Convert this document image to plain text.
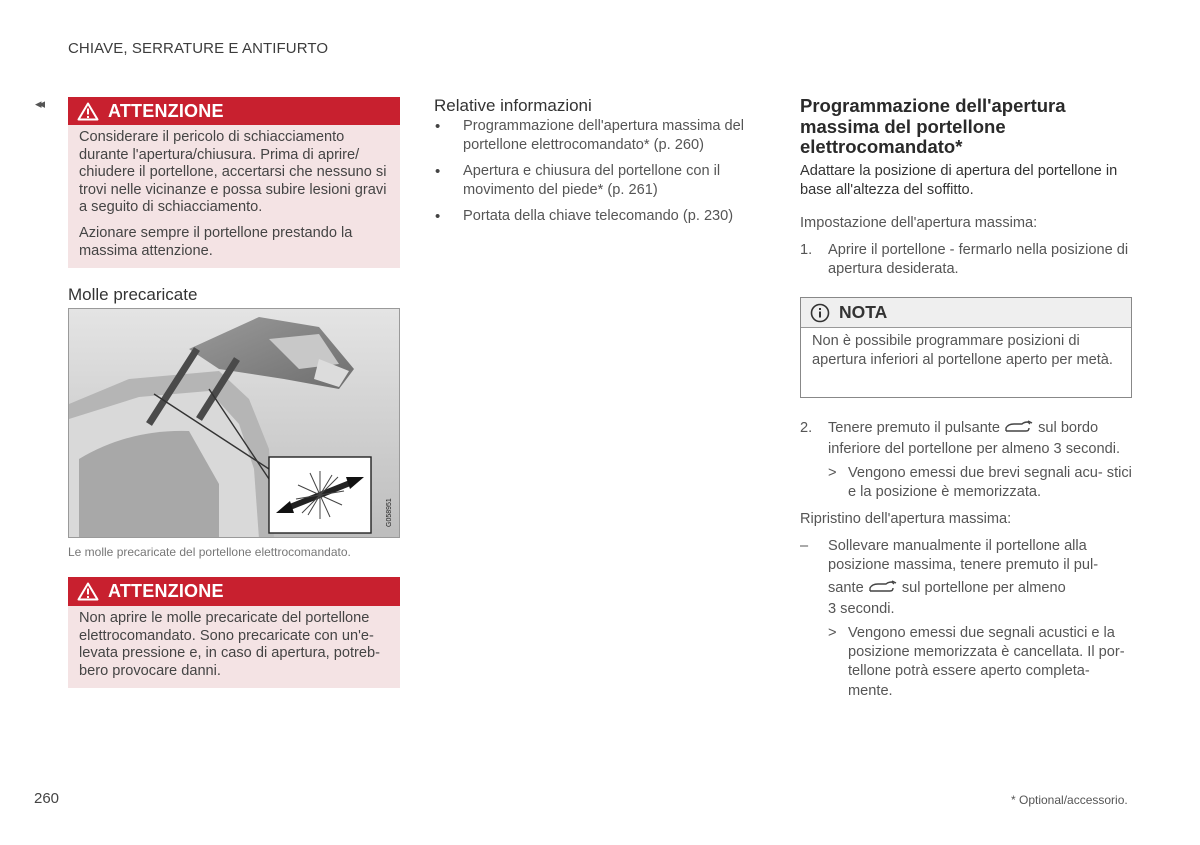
CHIAVE, SERRATURE E ANTIFURTO
◂◂	ATTENZIONE

Considerare il pericolo di schiacciamento durante l'apertura/chiusura. Prima di aprire/ chiudere il portellone, accertarsi che nessuno si trovi nelle vicinanze e possa subire lesioni gravi a seguito di schiacciamento.

Azionare sempre il portellone prestando la massima attenzione.

Molle precaricate
G058951
Le molle precaricate del portellone elettrocomandato.
ATTENZIONE

Non aprire le molle precaricate del portellone elettrocomandato. Sono precaricate con un'e- levata pressione e, in caso di apertura, potreb- bero provocare danni.

Relative informazioni
• Programmazione dell'apertura massima del portellone elettrocomandato* (p. 260)
• Apertura e chiusura del portellone con il movimento del piede* (p. 261)
• Portata della chiave telecomando (p. 230)
Programmazione dell'apertura massima del portellone elettrocomandato*
Adattare la posizione di apertura del portellone in base all'altezza del soffitto.
Impostazione dell'apertura massima:
1.	Aprire il portellone - fermarlo nella posizione di apertura desiderata.
NOTA
Non è possibile programmare posizioni di apertura inferiori al portellone aperto per metà.
2.	Tenere premuto il pulsante	sul bordo inferiore del portellone per almeno 3 secondi.
> Vengono emessi due brevi segnali acu- stici e la posizione è memorizzata.
Ripristino dell'apertura massima:
–	Sollevare manualmente il portellone alla posizione massima, tenere premuto il pul-
sante	sul portellone per almeno
3 secondi.
> Vengono emessi due segnali acustici e la posizione memorizzata è cancellata. Il por- tellone potrà essere aperto completa- mente.
260	* Optional/accessorio.
